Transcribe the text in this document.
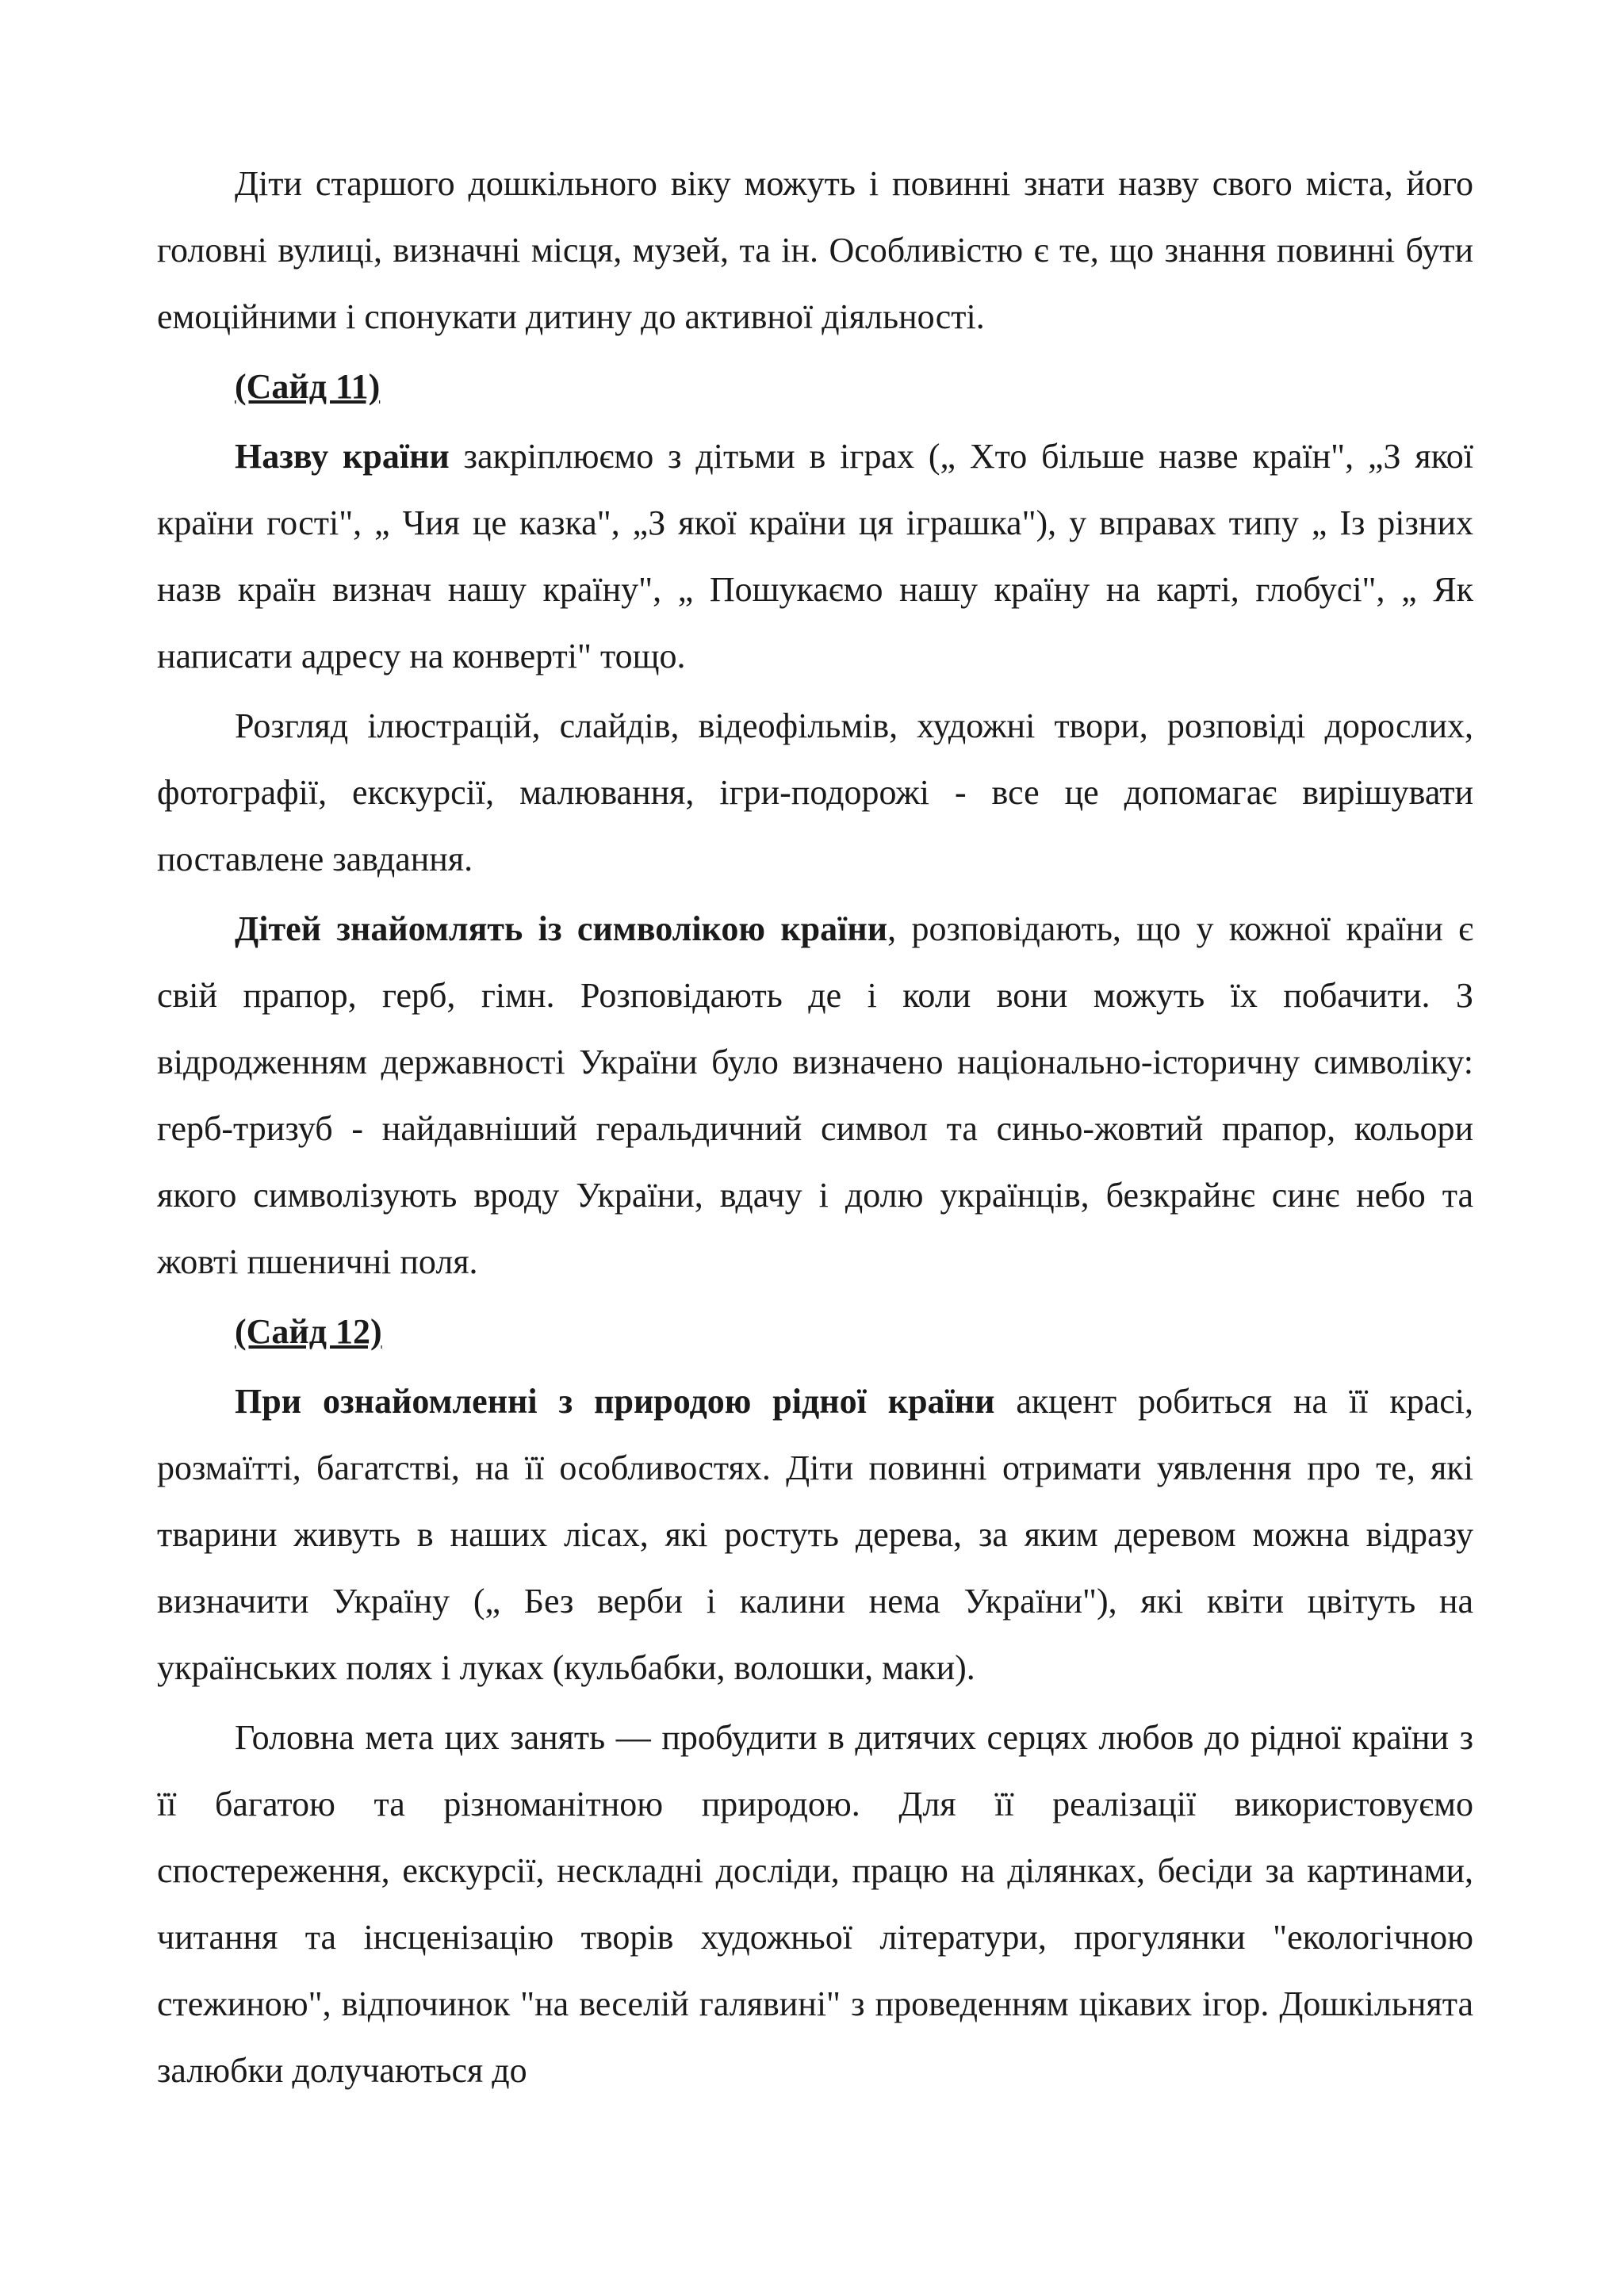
Діти старшого дошкільного віку можуть і повинні знати назву свого міста, його головні вулиці, визначні місця, музей, та ін. Особливістю є те, що знання повинні бути емоційними і спонукати дитину до активної діяльності.

(Сайд 11)

Назву країни закріплюємо з дітьми в іграх („ Хто більше назве країн", „З якої країни гості", „ Чия це казка", „З якої країни ця іграшка"), у вправах типу „ Із різних назв країн визнач нашу країну", „ Пошукаємо нашу країну на карті, глобусі", „ Як написати адресу на конверті" тощо.

Розгляд ілюстрацій, слайдів, відеофільмів, художні твори, розповіді дорослих, фотографії, екскурсії, малювання, ігри-подорожі - все це допомагає вирішувати поставлене завдання.

Дітей знайомлять із символікою країни, розповідають, що у кожної країни є свій прапор, герб, гімн. Розповідають де і коли вони можуть їх побачити. З відродженням державності України було визначено національно-історичну символіку: герб-тризуб - найдавніший геральдичний символ та синьо-жовтий прапор, кольори якого символізують вроду України, вдачу і долю українців, безкрайнє синє небо та жовті пшеничні поля.

(Сайд 12)

При ознайомленні з природою рідної країни акцент робиться на її красі, розмаїтті, багатстві, на її особливостях. Діти повинні отримати уявлення про те, які тварини живуть в наших лісах, які ростуть дерева, за яким деревом можна відразу визначити Україну („ Без верби і калини нема України"), які квіти цвітуть на українських полях і луках (кульбабки, волошки, маки).

Головна мета цих занять — пробудити в дитячих серцях любов до рідної країни з її багатою та різноманітною природою. Для її реалізації використовуємо спостереження, екскурсії, нескладні досліди, працю на ділянках, бесіди за картинами, читання та інсценізацію творів художньої літератури, прогулянки "екологічною стежиною", відпочинок "на веселій галявині" з проведенням цікавих ігор. Дошкільнята залюбки долучаються до
